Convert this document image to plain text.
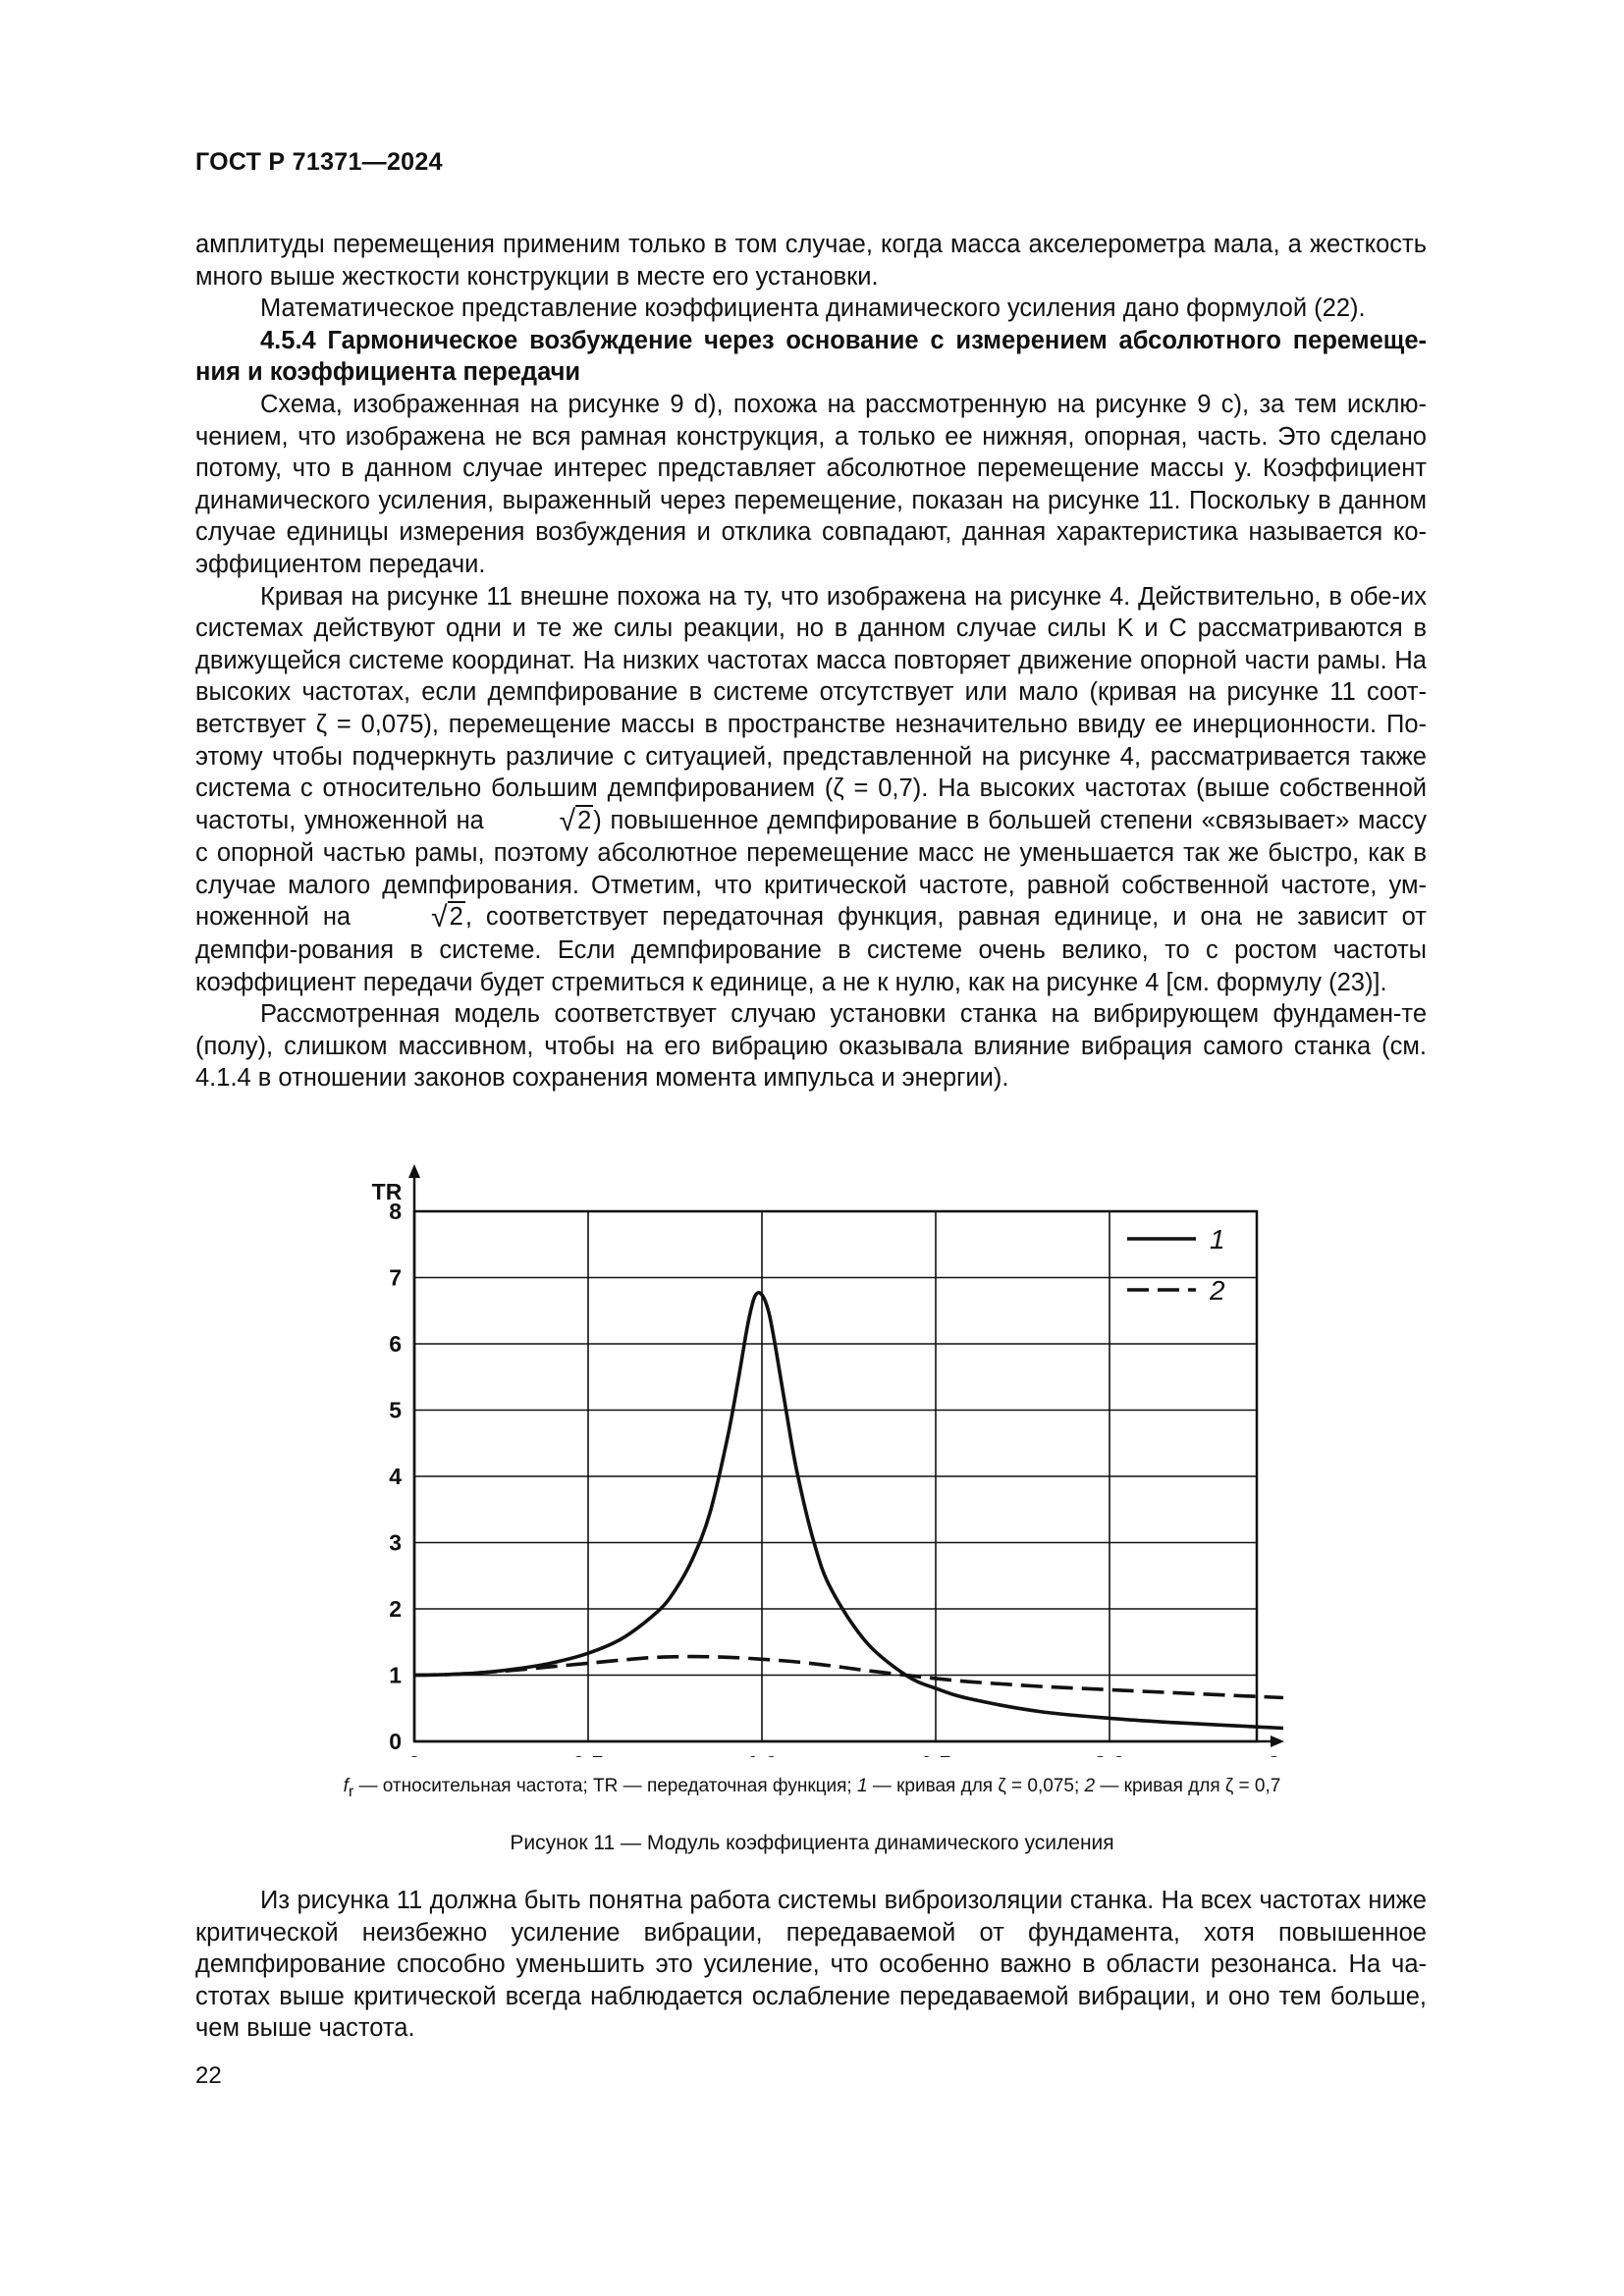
ГОСТ Р 71371—2024

амплитуды перемещения применим только в том случае, когда масса акселерометра мала, а жесткость много выше жесткости конструкции в месте его установки.

Математическое представление коэффициента динамического усиления дано формулой (22).

4.5.4 Гармоническое возбуждение через основание с измерением абсолютного перемеще-ния и коэффициента передачи

Схема, изображенная на рисунке 9 d), похожа на рассмотренную на рисунке 9 с), за тем исклю-чением, что изображена не вся рамная конструкция, а только ее нижняя, опорная, часть. Это сделано потому, что в данном случае интерес представляет абсолютное перемещение массы y. Коэффициент динамического усиления, выраженный через перемещение, показан на рисунке 11. Поскольку в данном случае единицы измерения возбуждения и отклика совпадают, данная характеристика называется ко-эффициентом передачи.

Кривая на рисунке 11 внешне похожа на ту, что изображена на рисунке 4. Действительно, в обе-их системах действуют одни и те же силы реакции, но в данном случае силы K и C рассматриваются в движущейся системе координат. На низких частотах масса повторяет движение опорной части рамы. На высоких частотах, если демпфирование в системе отсутствует или мало (кривая на рисунке 11 соот-ветствует ζ = 0,075), перемещение массы в пространстве незначительно ввиду ее инерционности. По-этому чтобы подчеркнуть различие с ситуацией, представленной на рисунке 4, рассматривается также система с относительно большим демпфированием (ζ = 0,7). На высоких частотах (выше собственной частоты, умноженной на	√2) повышенное демпфирование в большей степени «связывает» массу с опорной частью рамы, поэтому абсолютное перемещение масс не уменьшается так же быстро, как в случае малого демпфирования. Отметим, что критической частоте, равной собственной частоте, ум-ноженной на	√2, соответствует передаточная функция, равная единице, и она не зависит от демпфи-рования в системе. Если демпфирование в системе очень велико, то с ростом частоты коэффициент передачи будет стремиться к единице, а не к нулю, как на рисунке 4 [см. формулу (23)].

Рассмотренная модель соответствует случаю установки станка на вибрирующем фундамен-те (полу), слишком массивном, чтобы на его вибрацию оказывала влияние вибрация самого станка (см. 4.1.4 в отношении законов сохранения момента импульса и энергии).

0
1
2
3
4
5
6
7
8
TR
1
2
$f_r$ — относительная частота; TR — передаточная функция; 1 — кривая для ζ = 0,075; 2 — кривая для ζ = 0,7
Рисунок 11 — Модуль коэффициента динамического усиления

Из рисунка 11 должна быть понятна работа системы виброизоляции станка. На всех частотах ниже критической неизбежно усиление вибрации, передаваемой от фундамента, хотя повышенное демпфирование способно уменьшить это усиление, что особенно важно в области резонанса. На ча-стотах выше критической всегда наблюдается ослабление передаваемой вибрации, и оно тем больше, чем выше частота.

22
